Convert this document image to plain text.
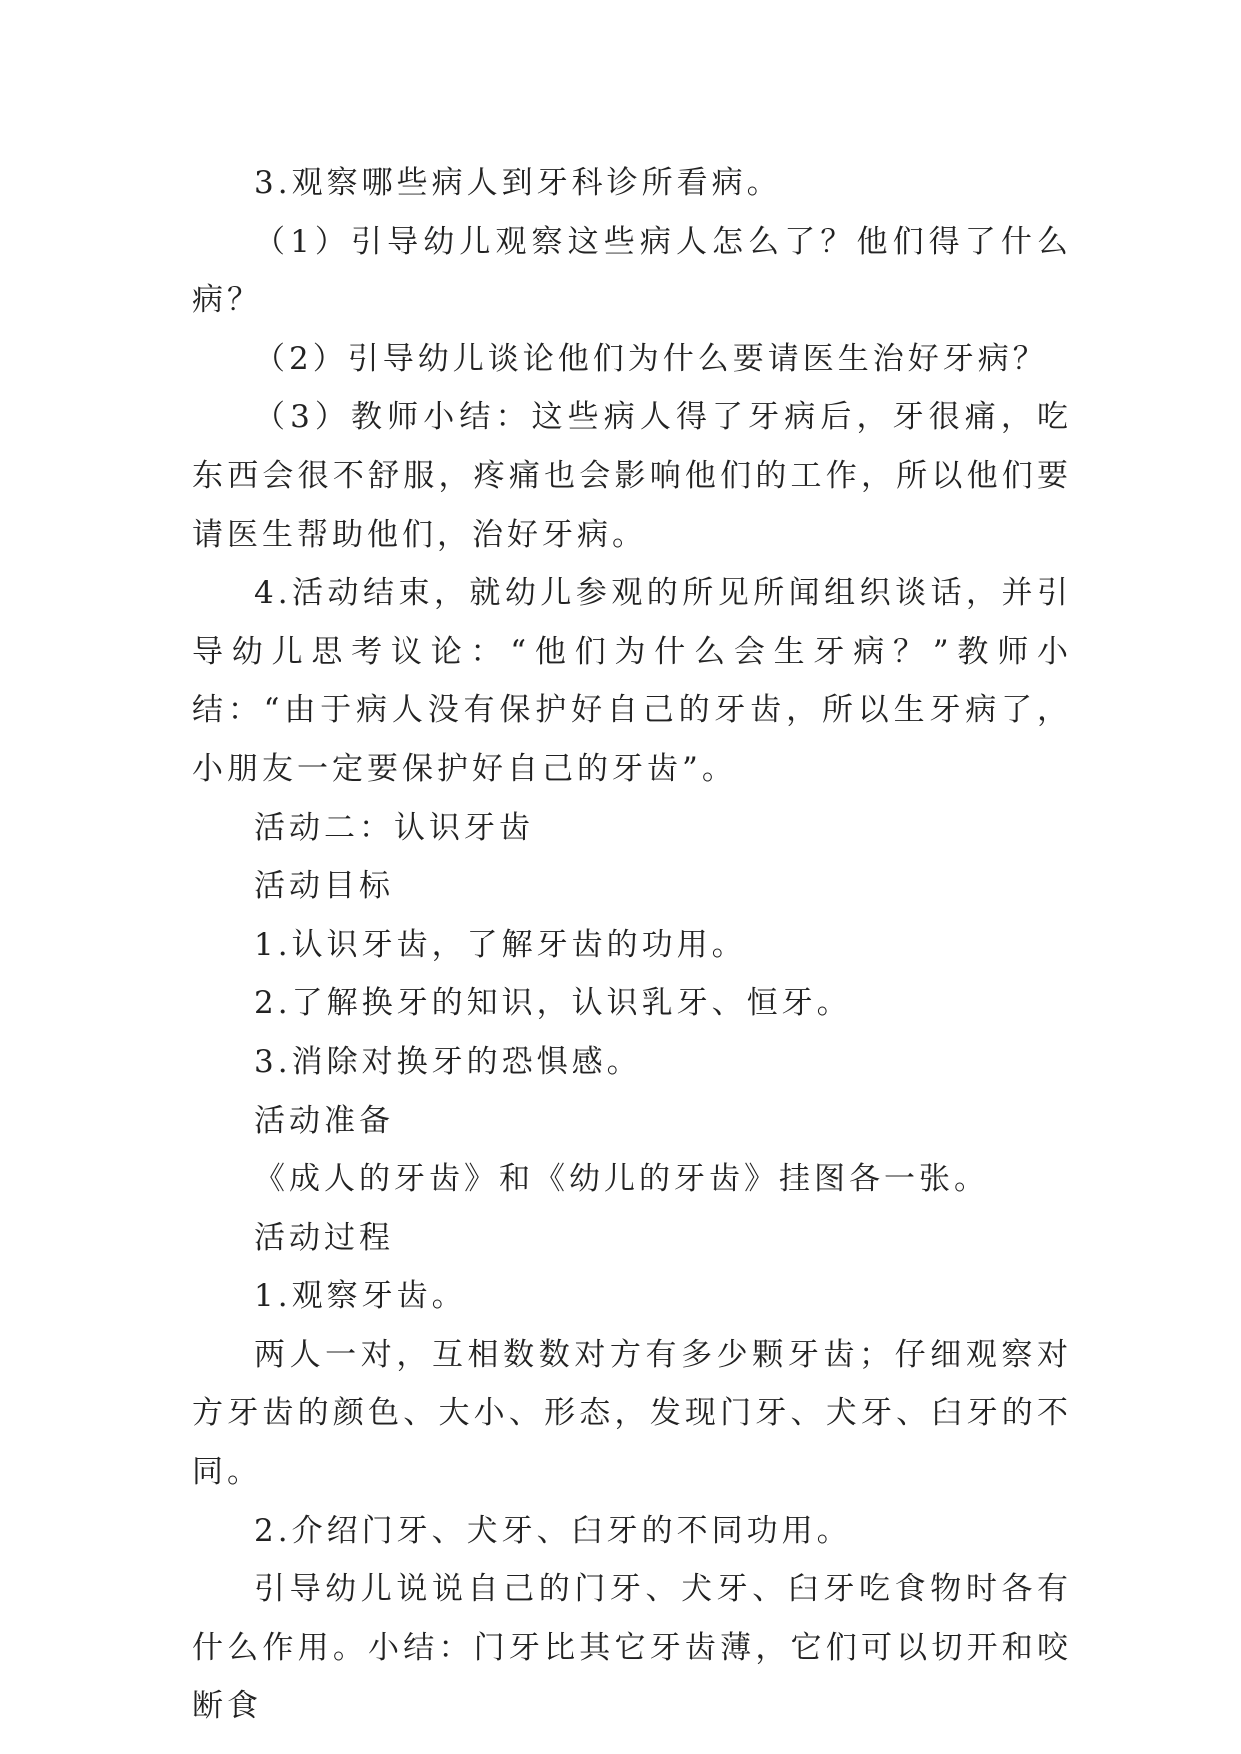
3.观察哪些病人到牙科诊所看病。

（1）引导幼儿观察这些病人怎么了？他们得了什么病？

（2）引导幼儿谈论他们为什么要请医生治好牙病？

（3）教师小结：这些病人得了牙病后，牙很痛，吃东西会很不舒服，疼痛也会影响他们的工作，所以他们要请医生帮助他们，治好牙病。

4.活动结束，就幼儿参观的所见所闻组织谈话，并引导幼儿思考议论：“他们为什么会生牙病？”教师小结：“由于病人没有保护好自己的牙齿，所以生牙病了，小朋友一定要保护好自己的牙齿”。

活动二：认识牙齿

活动目标

1.认识牙齿，了解牙齿的功用。

2.了解换牙的知识，认识乳牙、恒牙。

3.消除对换牙的恐惧感。

活动准备

《成人的牙齿》和《幼儿的牙齿》挂图各一张。

活动过程

1.观察牙齿。

两人一对，互相数数对方有多少颗牙齿；仔细观察对方牙齿的颜色、大小、形态，发现门牙、犬牙、臼牙的不同。

2.介绍门牙、犬牙、臼牙的不同功用。

引导幼儿说说自己的门牙、犬牙、臼牙吃食物时各有什么作用。小结：门牙比其它牙齿薄，它们可以切开和咬断食
